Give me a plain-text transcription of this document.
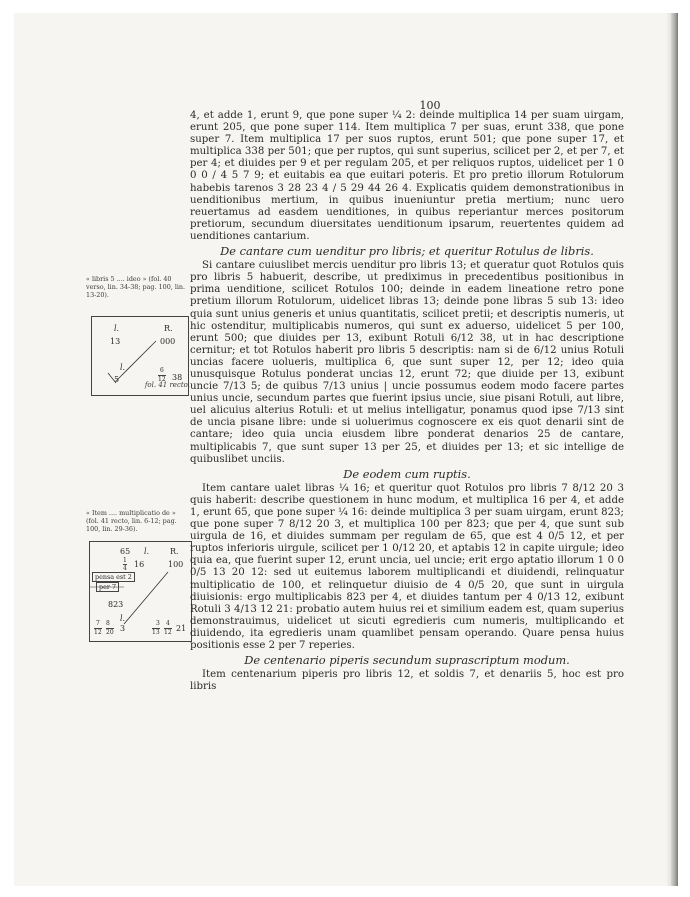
100
« libris 5 .... ideo » (fol. 40 verso, lin. 34-38; pag. 100, lin. 13-20).
l.	R.
13	000
l.
5
6
12 38
fol. 41 recto.
« Item .... multiplicatio de » (fol. 41 recto, lin. 6-12; pag. 100, lin. 29-36).
65 l.	R.
1
4 16	100
pensa est 2
per 7
823
l.
7 8
12 20 3
3 4
13 12 21

4, et adde 1, erunt 9, que pone super ¼ 2: deinde multiplica 14 per suam uirgam, erunt 205, que pone super 114. Item multiplica 7 per suas, erunt 338, que pone super 7. Item multiplica 17 per suos ruptos, erunt 501; que pone super 17, et multiplica 338 per 501; que per ruptos, qui sunt superius, scilicet per 2, et per 7, et per 4; et diuides per 9 et per regulam 205, et per reliquos ruptos, uidelicet per 1 0 0 0 / 4 5 7 9; et euitabis ea que euitari poteris. Et pro pretio illorum Rotulorum habebis tarenos 3 28 23 4 / 5 29 44 26 4. Explicatis quidem demonstrationibus in uenditionibus mertium, in quibus inueniuntur pretia mertium; nunc uero reuertamus ad easdem uenditiones, in quibus reperiantur merces positorum pretiorum, secundum diuersitates uenditionum ipsarum, reuertentes quidem ad uenditiones cantarium.

De cantare cum uenditur pro libris; et queritur Rotulus de libris.

Si cantare cuiuslibet mercis uenditur pro libris 13; et queratur quot Rotulos quis pro libris 5 habuerit, describe, ut prediximus in precedentibus positionibus in prima uenditione, scilicet Rotulos 100; deinde in eadem lineatione retro pone pretium illorum Rotulorum, uidelicet libras 13; deinde pone libras 5 sub 13: ideo quia sunt unius generis et unius quantitatis, scilicet pretii; et descriptis numeris, ut hic ostenditur, multiplicabis numeros, qui sunt ex aduerso, uidelicet 5 per 100, erunt 500; que diuides per 13, exibunt Rotuli 6/12 38, ut in hac descriptione cernitur; et tot Rotulos haberit pro libris 5 descriptis: nam si de 6/12 unius Rotuli uncias facere uolueris, multiplica 6, que sunt super 12, per 12; ideo quia unusquisque Rotulus ponderat uncias 12, erunt 72; que diuide per 13, exibunt uncie 7/13 5; de quibus 7/13 unius | uncie possumus eodem modo facere partes unius uncie, secundum partes que fuerint ipsius uncie, siue pisani Rotuli, aut libre, uel alicuius alterius Rotuli: et ut melius intelligatur, ponamus quod ipse 7/13 sint de uncia pisane libre: unde si uoluerimus cognoscere ex eis quot denarii sint de cantare; ideo quia uncia eiusdem libre ponderat denarios 25 de cantare, multiplicabis 7, que sunt super 13 per 25, et diuides per 13; et sic intellige de quibuslibet unciis.

De eodem cum ruptis.

Item cantare ualet libras ¼ 16; et queritur quot Rotulos pro libris 7 8/12 20 3 quis haberit: describe questionem in hunc modum, et multiplica 16 per 4, et adde 1, erunt 65, que pone super ¼ 16: deinde multiplica 3 per suam uirgam, erunt 823; que pone super 7 8/12 20 3, et multiplica 100 per 823; que per 4, que sunt sub uirgula de 16, et diuides summam per regulam de 65, que est 4 0/5 12, et per ruptos inferioris uirgule, scilicet per 1 0/12 20, et aptabis 12 in capite uirgule; ideo quia ea, que fuerint super 12, erunt uncia, uel uncie; erit ergo aptatio illorum 1 0 0 0/5 13 20 12: sed ut euitemus laborem multiplicandi et diuidendi, relinquatur multiplicatio de 100, et relinquetur diuisio de 4 0/5 20, que sunt in uirgula diuisionis: ergo multiplicabis 823 per 4, et diuides tantum per 4 0/13 12, exibunt Rotuli 3 4/13 12 21: probatio autem huius rei et similium eadem est, quam superius demonstrauimus, uidelicet ut sicuti egredieris cum numeris, multiplicando et diuidendo, ita egredieris unam quamlibet pensam operando. Quare pensa huius positionis esse 2 per 7 reperies.

De centenario piperis secundum suprascriptum modum.

Item centenarium piperis pro libris 12, et soldis 7, et denariis 5, hoc est pro libris
